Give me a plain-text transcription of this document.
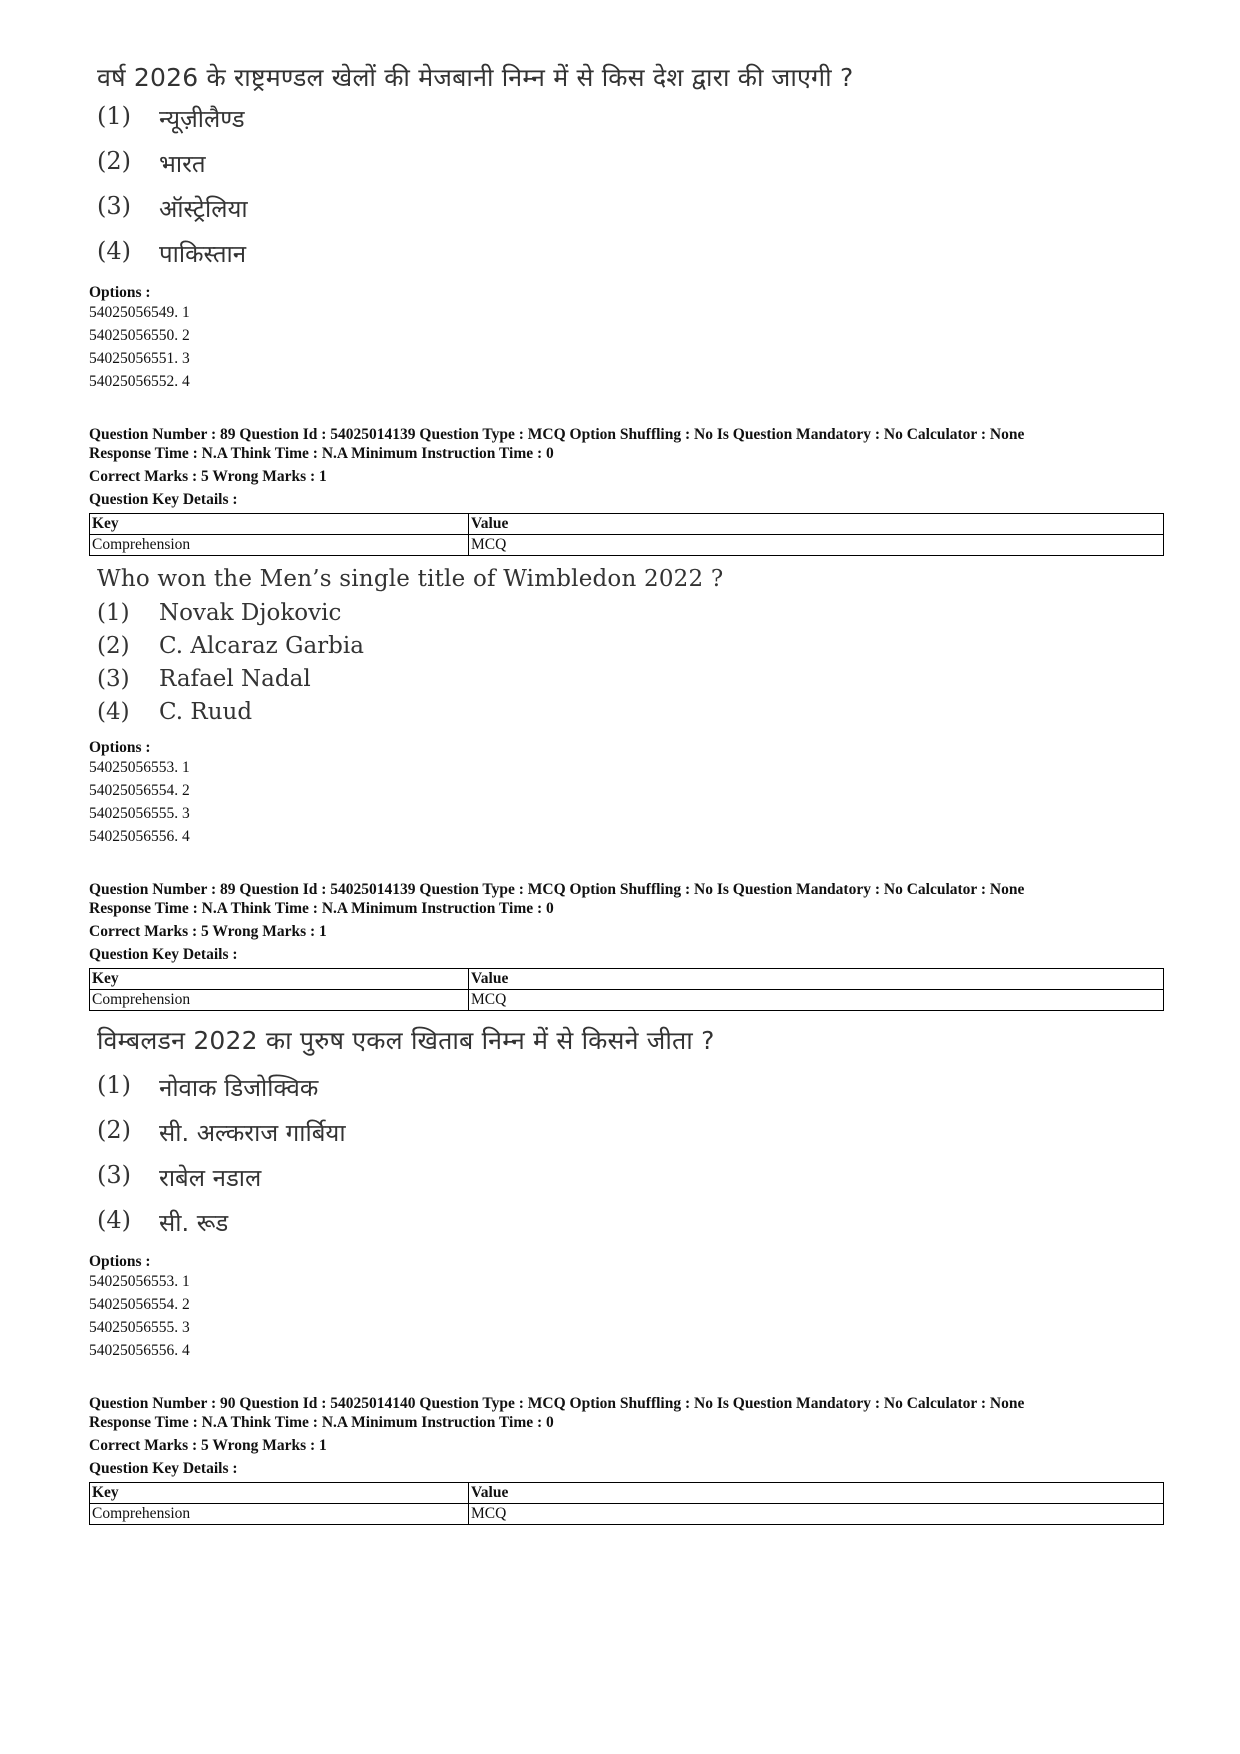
वर्ष 2026 के राष्ट्रमण्डल खेलों की मेजबानी निम्न में से किस देश द्वारा की जाएगी ?
(1)	न्यूज़ीलैण्ड
(2)	भारत
(3)	ऑस्ट्रेलिया
(4)	पाकिस्तान
Options :
54025056549. 1
54025056550. 2
54025056551. 3
54025056552. 4
Question Number : 89 Question Id : 54025014139 Question Type : MCQ Option Shuffling : No Is Question Mandatory : No Calculator : None
Response Time : N.A Think Time : N.A Minimum Instruction Time : 0
Correct Marks : 5 Wrong Marks : 1
Question Key Details :
Key	Value
Comprehension	MCQ
Who won the Men’s single title of Wimbledon 2022 ?
(1)	Novak Djokovic
(2)	C. Alcaraz Garbia
(3)	Rafael Nadal
(4)	C. Ruud
Options :
54025056553. 1
54025056554. 2
54025056555. 3
54025056556. 4
Question Number : 89 Question Id : 54025014139 Question Type : MCQ Option Shuffling : No Is Question Mandatory : No Calculator : None
Response Time : N.A Think Time : N.A Minimum Instruction Time : 0
Correct Marks : 5 Wrong Marks : 1
Question Key Details :
Key	Value
Comprehension	MCQ
विम्बलडन 2022 का पुरुष एकल खिताब निम्न में से किसने जीता ?
(1)	नोवाक डिजोक्विक
(2)	सी. अल्कराज गार्बिया
(3)	राबेल नडाल
(4)	सी. रूड
Options :
54025056553. 1
54025056554. 2
54025056555. 3
54025056556. 4
Question Number : 90 Question Id : 54025014140 Question Type : MCQ Option Shuffling : No Is Question Mandatory : No Calculator : None
Response Time : N.A Think Time : N.A Minimum Instruction Time : 0
Correct Marks : 5 Wrong Marks : 1
Question Key Details :
Key	Value
Comprehension	MCQ
